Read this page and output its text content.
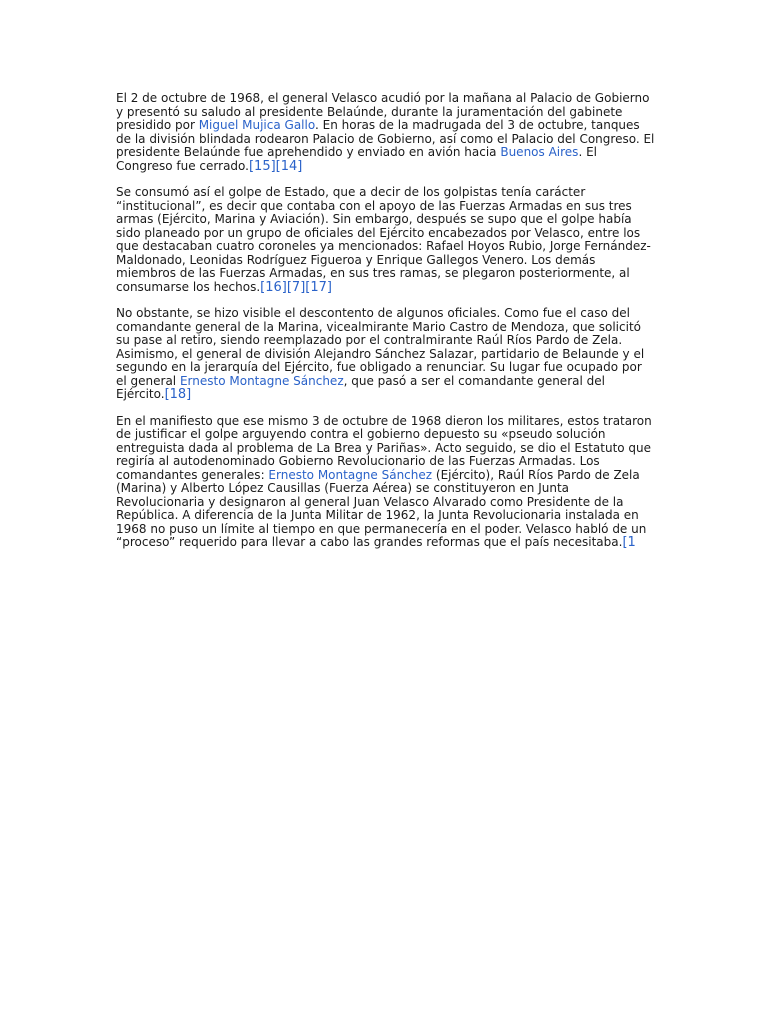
El 2 de octubre de 1968, el general Velasco acudió por la mañana al Palacio de Gobierno y presentó su saludo al presidente Belaúnde, durante la juramentación del gabinete presidido por Miguel Mujica Gallo. En horas de la madrugada del 3 de octubre, tanques de la división blindada rodearon Palacio de Gobierno, así como el Palacio del Congreso. El presidente Belaúnde fue aprehendido y enviado en avión hacia Buenos Aires. El Congreso fue cerrado.[15][14]

Se consumó así el golpe de Estado, que a decir de los golpistas tenía carácter “institucional”, es decir que contaba con el apoyo de las Fuerzas Armadas en sus tres armas (Ejército, Marina y Aviación). Sin embargo, después se supo que el golpe había sido planeado por un grupo de oficiales del Ejército encabezados por Velasco, entre los que destacaban cuatro coroneles ya mencionados: Rafael Hoyos Rubio, Jorge Fernández-Maldonado, Leonidas Rodríguez Figueroa y Enrique Gallegos Venero. Los demás miembros de las Fuerzas Armadas, en sus tres ramas, se plegaron posteriormente, al consumarse los hechos.[16][7][17]

No obstante, se hizo visible el descontento de algunos oficiales. Como fue el caso del comandante general de la Marina, vicealmirante Mario Castro de Mendoza, que solicitó su pase al retiro, siendo reemplazado por el contralmirante Raúl Ríos Pardo de Zela. Asimismo, el general de división Alejandro Sánchez Salazar, partidario de Belaunde y el segundo en la jerarquía del Ejército, fue obligado a renunciar. Su lugar fue ocupado por el general Ernesto Montagne Sánchez, que pasó a ser el comandante general del Ejército.[18]

En el manifiesto que ese mismo 3 de octubre de 1968 dieron los militares, estos trataron de justificar el golpe arguyendo contra el gobierno depuesto su «pseudo solución entreguista dada al problema de La Brea y Pariñas». Acto seguido, se dio el Estatuto que regiría al autodenominado Gobierno Revolucionario de las Fuerzas Armadas. Los comandantes generales: Ernesto Montagne Sánchez (Ejército), Raúl Ríos Pardo de Zela (Marina) y Alberto López Causillas (Fuerza Aérea) se constituyeron en Junta Revolucionaria y designaron al general Juan Velasco Alvarado como Presidente de la República. A diferencia de la Junta Militar de 1962, la Junta Revolucionaria instalada en 1968 no puso un límite al tiempo en que permanecería en el poder. Velasco habló de un “proceso” requerido para llevar a cabo las grandes reformas que el país necesitaba.[1
